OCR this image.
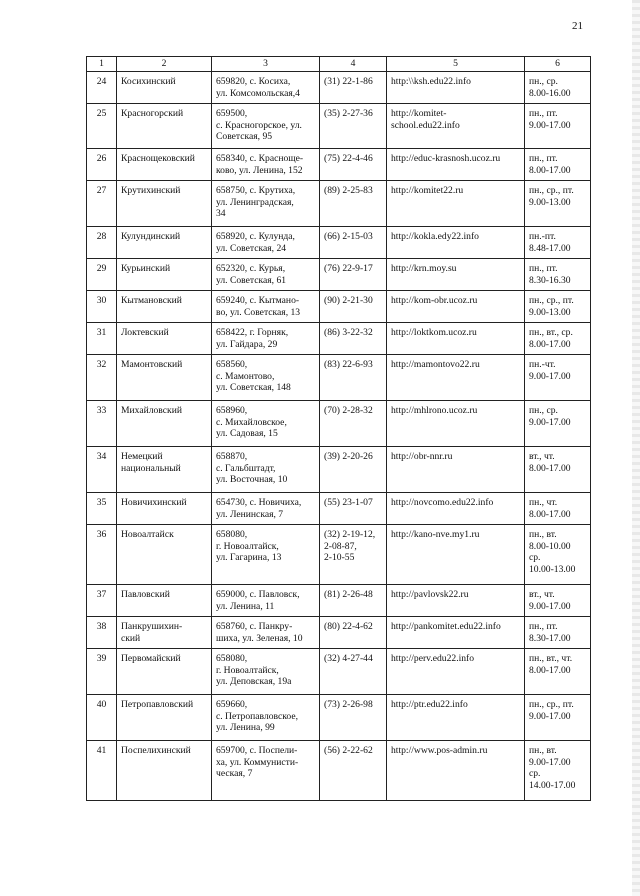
21
1	2	3	4	5	6
24	Косихинский	659820, с. Косиха,
ул. Комсомольская,4	(31) 22-1-86	http:\\ksh.edu22.info	пн., ср.
8.00-16.00

25	Красногорский	659500,
с. Красногорское, ул.
Советская, 95	(35) 2-27-36	http://komitet-
school.edu22.info	пн., пт.
9.00-17.00

26	Краснощековский	658340, с. Красноще-
ково, ул. Ленина, 152	(75) 22-4-46	http://educ-krasnosh.ucoz.ru	пн., пт.
8.00-17.00

27	Крутихинский	658750, с. Крутиха,
ул. Ленинградская,
34	(89) 2-25-83	http://komitet22.ru	пн., ср., пт.
9.00-13.00

28	Кулундинский	658920, с. Кулунда,
ул. Советская, 24	(66) 2-15-03	http://kokla.edy22.info	пн.-пт.
8.48-17.00

29	Курьинский	652320, с. Курья,
ул. Советская, 61	(76) 22-9-17	http://krn.moy.su	пн., пт.
8.30-16.30

30	Кытмановский	659240, с. Кытмано-
во, ул. Советская, 13	(90) 2-21-30	http://kom-obr.ucoz.ru	пн., ср., пт.
9.00-13.00

31	Локтевский	658422, г. Горняк,
ул. Гайдара, 29	(86) 3-22-32	http://loktkom.ucoz.ru	пн., вт., ср.
8.00-17.00

32	Мамонтовский	658560,
с. Мамонтово,
ул. Советская, 148	(83) 22-6-93	http://mamontovo22.ru	пн.-чт.
9.00-17.00

33	Михайловский	658960,
с. Михайловское,
ул. Садовая, 15	(70) 2-28-32	http://mhlrono.ucoz.ru	пн., ср.
9.00-17.00

34	Немецкий
национальный	658870,
с. Гальбштадт,
ул. Восточная, 10	(39) 2-20-26	http://obr-nnr.ru	вт., чт.
8.00-17.00

35	Новичихинский	654730, с. Новичиха,
ул. Ленинская, 7	(55) 23-1-07	http://novcomo.edu22.info	пн., чт.
8.00-17.00

36	Новоалтайск	658080,
г. Новоалтайск,
ул. Гагарина, 13	(32) 2-19-12,
2-08-87,
2-10-55	http://kano-nve.my1.ru	пн., вт.
8.00-10.00
ср.
10.00-13.00

37	Павловский	659000, с. Павловск,
ул. Ленина, 11	(81) 2-26-48	http://pavlovsk22.ru	вт., чт.
9.00-17.00

38	Панкрушихин-
ский	658760, с. Панкру-
шиха, ул. Зеленая, 10	(80) 22-4-62	http://pankomitet.edu22.info	пн., пт.
8.30-17.00

39	Первомайский	658080,
г. Новоалтайск,
ул. Деповская, 19а	(32) 4-27-44	http://perv.edu22.info	пн., вт., чт.
8.00-17.00

40	Петропавловский	659660,
с. Петропавловское,
ул. Ленина, 99	(73) 2-26-98	http://ptr.edu22.info	пн., ср., пт.
9.00-17.00

41	Поспелихинский	659700, с. Поспели-
ха, ул. Коммунисти-
ческая, 7	(56) 2-22-62	http://www.pos-admin.ru	пн., вт.
9.00-17.00
ср.
14.00-17.00
